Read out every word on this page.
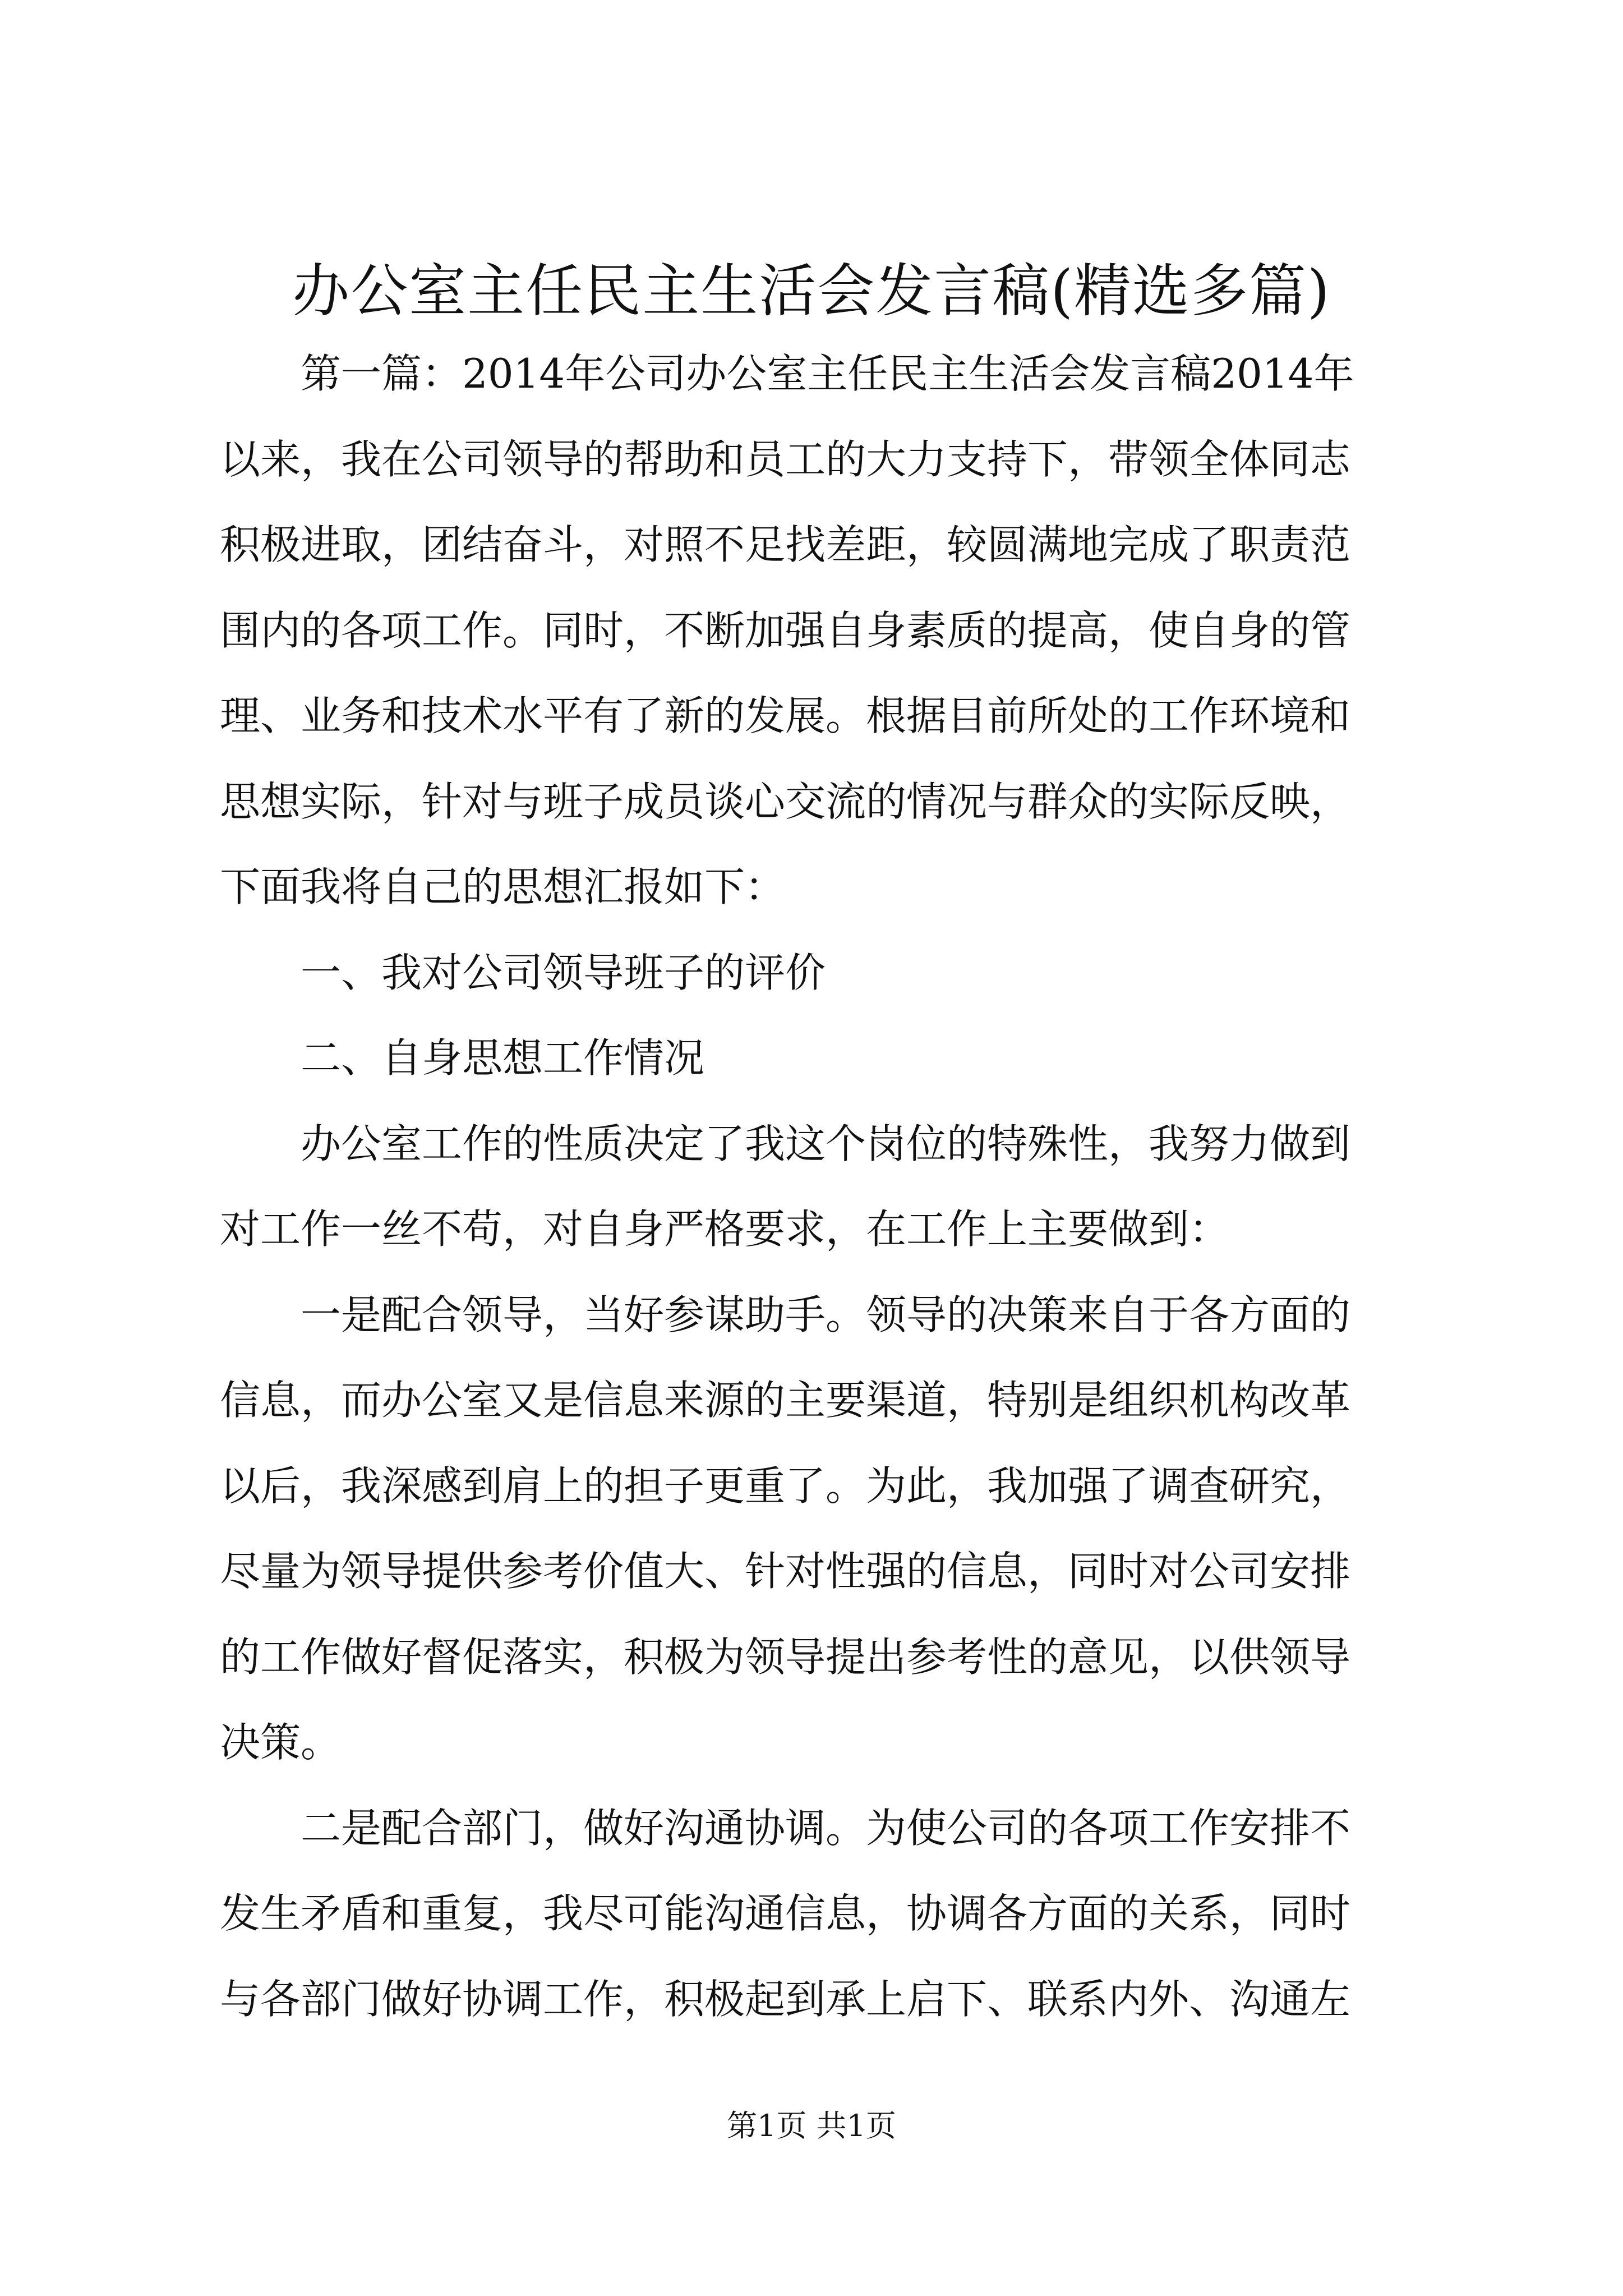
办公室主任民主生活会发言稿(精选多篇)
　　第一篇：2014年公司办公室主任民主生活会发言稿2014年
以来，我在公司领导的帮助和员工的大力支持下，带领全体同志
积极进取，团结奋斗，对照不足找差距，较圆满地完成了职责范
围内的各项工作。同时，不断加强自身素质的提高，使自身的管
理、业务和技术水平有了新的发展。根据目前所处的工作环境和
思想实际，针对与班子成员谈心交流的情况与群众的实际反映，
下面我将自己的思想汇报如下：
　　一、我对公司领导班子的评价
　　二、自身思想工作情况
　　办公室工作的性质决定了我这个岗位的特殊性，我努力做到
对工作一丝不苟，对自身严格要求，在工作上主要做到：
　　一是配合领导，当好参谋助手。领导的决策来自于各方面的
信息，而办公室又是信息来源的主要渠道，特别是组织机构改革
以后，我深感到肩上的担子更重了。为此，我加强了调查研究，
尽量为领导提供参考价值大、针对性强的信息，同时对公司安排
的工作做好督促落实，积极为领导提出参考性的意见，以供领导
决策。
　　二是配合部门，做好沟通协调。为使公司的各项工作安排不
发生矛盾和重复，我尽可能沟通信息，协调各方面的关系，同时
与各部门做好协调工作，积极起到承上启下、联系内外、沟通左
第1页 共1页
